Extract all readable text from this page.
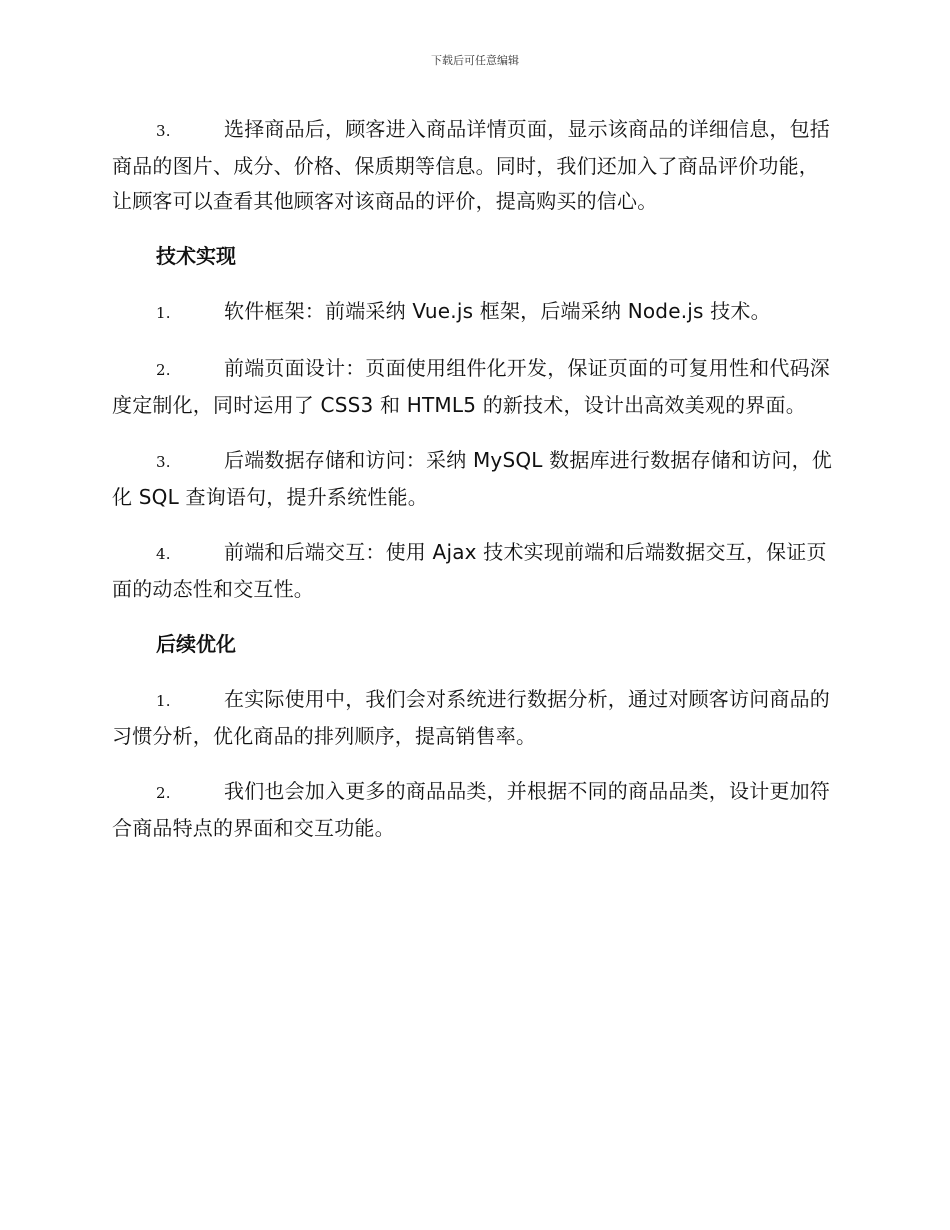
下载后可任意编辑

3.	选择商品后，顾客进入商品详情页面，显示该商品的详细信息，包括商品的图片、成分、价格、保质期等信息。同时，我们还加入了商品评价功能，让顾客可以查看其他顾客对该商品的评价，提高购买的信心。

技术实现

1.	软件框架：前端采纳 Vue.js 框架，后端采纳 Node.js 技术。

2.	前端页面设计：页面使用组件化开发，保证页面的可复用性和代码深度定制化，同时运用了 CSS3 和 HTML5 的新技术，设计出高效美观的界面。

3.	后端数据存储和访问：采纳 MySQL 数据库进行数据存储和访问，优化 SQL 查询语句，提升系统性能。

4.	前端和后端交互：使用 Ajax 技术实现前端和后端数据交互，保证页面的动态性和交互性。

后续优化

1.	在实际使用中，我们会对系统进行数据分析，通过对顾客访问商品的习惯分析，优化商品的排列顺序，提高销售率。

2.	我们也会加入更多的商品品类，并根据不同的商品品类，设计更加符合商品特点的界面和交互功能。
